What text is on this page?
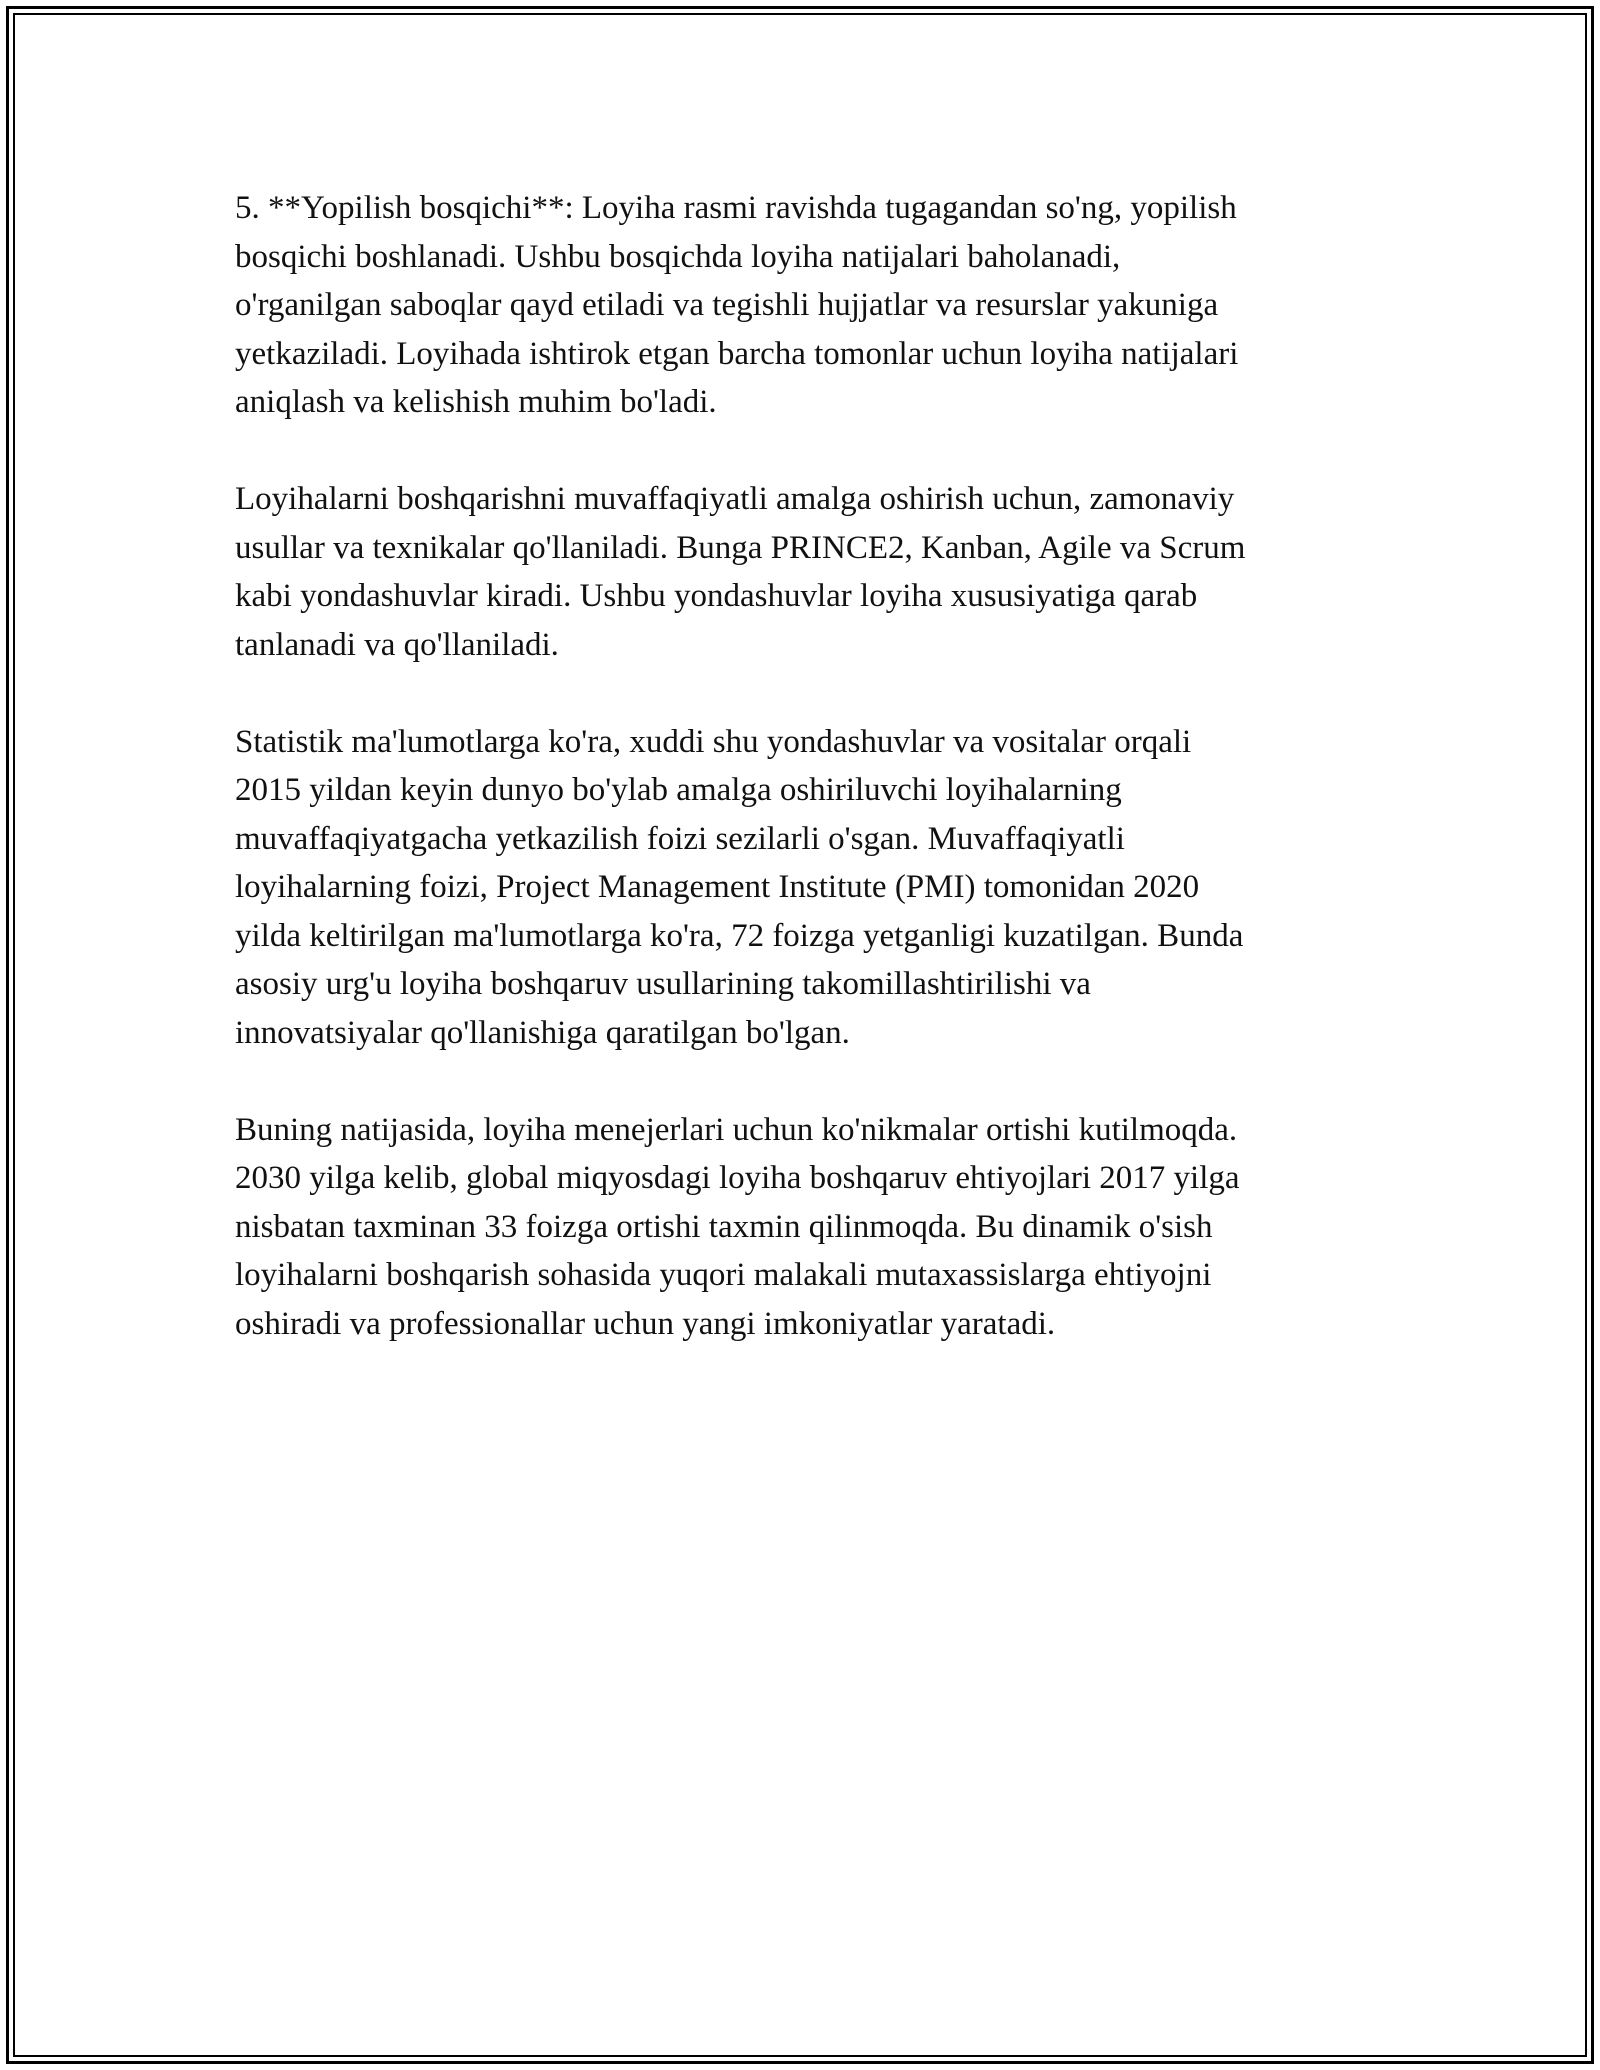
5. **Yopilish bosqichi**: Loyiha rasmi ravishda tugagandan so'ng, yopilish
bosqichi boshlanadi. Ushbu bosqichda loyiha natijalari baholanadi,
o'rganilgan saboqlar qayd etiladi va tegishli hujjatlar va resurslar yakuniga
yetkaziladi. Loyihada ishtirok etgan barcha tomonlar uchun loyiha natijalari
aniqlash va kelishish muhim bo'ladi.

Loyihalarni boshqarishni muvaffaqiyatli amalga oshirish uchun, zamonaviy
usullar va texnikalar qo'llaniladi. Bunga PRINCE2, Kanban, Agile va Scrum
kabi yondashuvlar kiradi. Ushbu yondashuvlar loyiha xususiyatiga qarab
tanlanadi va qo'llaniladi.

Statistik ma'lumotlarga ko'ra, xuddi shu yondashuvlar va vositalar orqali
2015 yildan keyin dunyo bo'ylab amalga oshiriluvchi loyihalarning
muvaffaqiyatgacha yetkazilish foizi sezilarli o'sgan. Muvaffaqiyatli
loyihalarning foizi, Project Management Institute (PMI) tomonidan 2020
yilda keltirilgan ma'lumotlarga ko'ra, 72 foizga yetganligi kuzatilgan. Bunda
asosiy urg'u loyiha boshqaruv usullarining takomillashtirilishi va
innovatsiyalar qo'llanishiga qaratilgan bo'lgan.

Buning natijasida, loyiha menejerlari uchun ko'nikmalar ortishi kutilmoqda.
2030 yilga kelib, global miqyosdagi loyiha boshqaruv ehtiyojlari 2017 yilga
nisbatan taxminan 33 foizga ortishi taxmin qilinmoqda. Bu dinamik o'sish
loyihalarni boshqarish sohasida yuqori malakali mutaxassislarga ehtiyojni
oshiradi va professionallar uchun yangi imkoniyatlar yaratadi.
